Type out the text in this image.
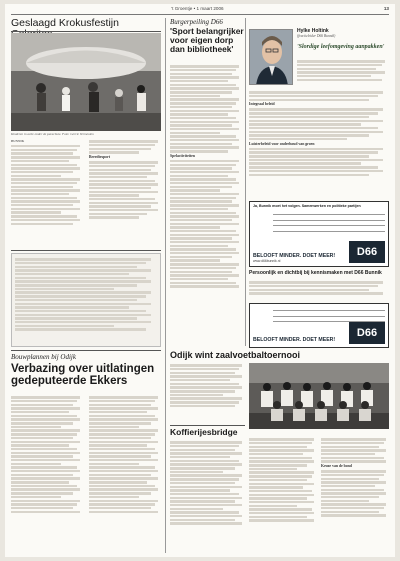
't Groentje • 1 maart 2006	13
Geslaagd Krokusfestijn
Kinderen in actie onder de parachute. Foto: Gerrie Vermeulen

BUNNIK

Breedtesport

Bouwplannen bij Odijk
Verbazing over uitlatingen gedeputeerde Ekkers
Burgerpeiling D66
'Sport belangrijker voor eigen dorp dan bibliotheek'

Spelactiviteiten

Hylke Holtink
(fractieleider D66 Bunnik)
'Slordige leefomgeving aanpakken'

Integraal beleid

Luisterbeleid voor onderhoud van groen

Ja, Bunnik moet het volgen. Samenwerken en politieke partijen
www.d66bunnik.nl
BELOOFT MINDER. DOET MEER! D66
Persoonlijk en dichtbij bij kennismaken met D66 Bunnik
BELOOFT MINDER. DOET MEER!
D66
Odijk wint zaalvoetbaltoernooi
Koffierijesbridge

Keuze van de bond
